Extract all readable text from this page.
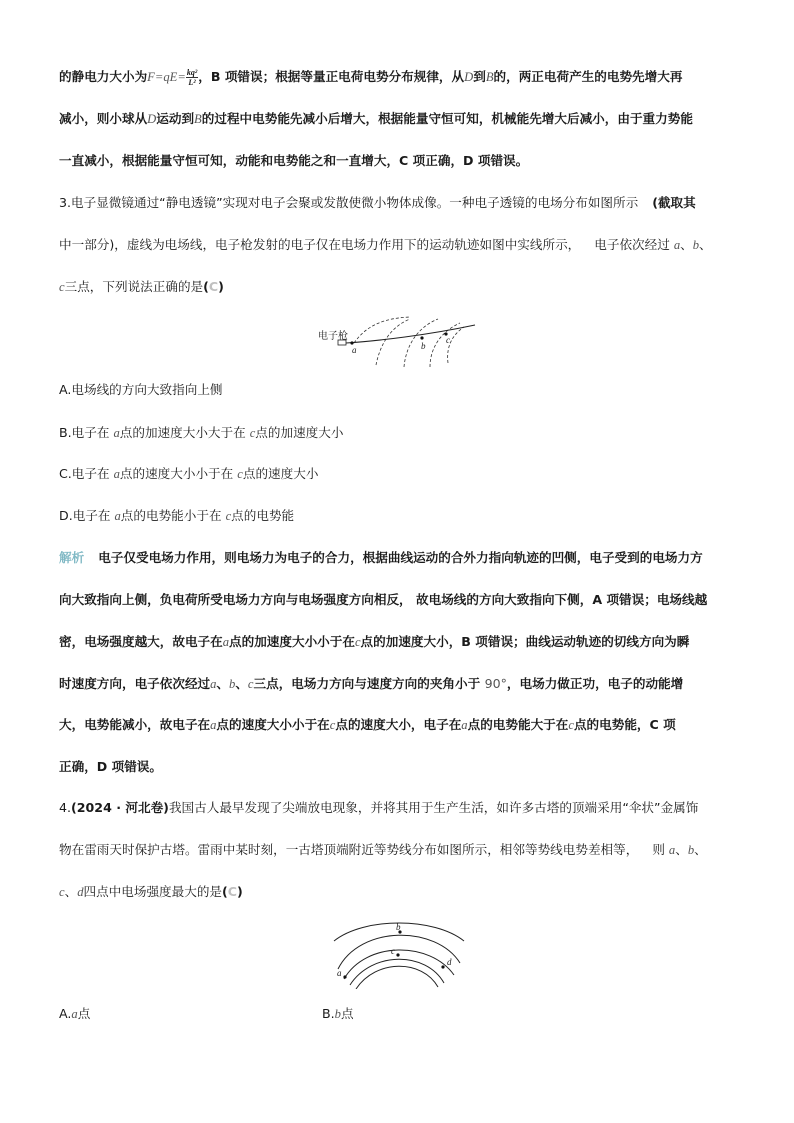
的静电力大小为$F=qE= \frac{\text{kq²}}{\text{L²}}$ ，B 项错误；根据等量正电荷电势分布规律，从D到B的，两正电荷产生的电势先增大再
减小，则小球从D运动到B的过程中电势能先减小后增大，根据能量守恒可知，机械能先增大后减小，由于重力势能
一直减小，根据能量守恒可知，动能和电势能之和一直增大，C 项正确，D 项错误。
3.电子显微镜通过“静电透镜”实现对电子会聚或发散使微小物体成像。一种电子透镜的电场分布如图所示 (截取其
中一部分)，虚线为电场线，电子枪发射的电子仅在电场力作用下的运动轨迹如图中实线所示， 电子依次经过 a、b、
c三点，下列说法正确的是(C)
电子枪
a	b
c
A.电场线的方向大致指向上侧
B.电子在 a点的加速度大小大于在 c点的加速度大小
C.电子在 a点的速度大小小于在 c点的速度大小
D.电子在 a点的电势能小于在 c点的电势能
解析 电子仅受电场力作用，则电场力为电子的合力，根据曲线运动的合外力指向轨迹的凹侧，电子受到的电场力方
向大致指向上侧，负电荷所受电场力方向与电场强度方向相反， 故电场线的方向大致指向下侧，A 项错误；电场线越
密，电场强度越大，故电子在a点的加速度大小小于在c点的加速度大小，B 项错误；曲线运动轨迹的切线方向为瞬
时速度方向，电子依次经过a、b、c三点，电场力方向与速度方向的夹角小于 90°，电场力做正功，电子的动能增
大，电势能减小，故电子在a点的速度大小小于在c点的速度大小，电子在a点的电势能大于在c点的电势能，C 项
正确，D 项错误。
4.(2024 · 河北卷)我国古人最早发现了尖端放电现象，并将其用于生产生活，如许多古塔的顶端采用“伞状”金属饰
物在雷雨天时保护古塔。雷雨中某时刻，一古塔顶端附近等势线分布如图所示，相邻等势线电势差相等， 则 a、b、
c、d四点中电场强度最大的是(C)
b
c
a
d
A.a点	B.b点
